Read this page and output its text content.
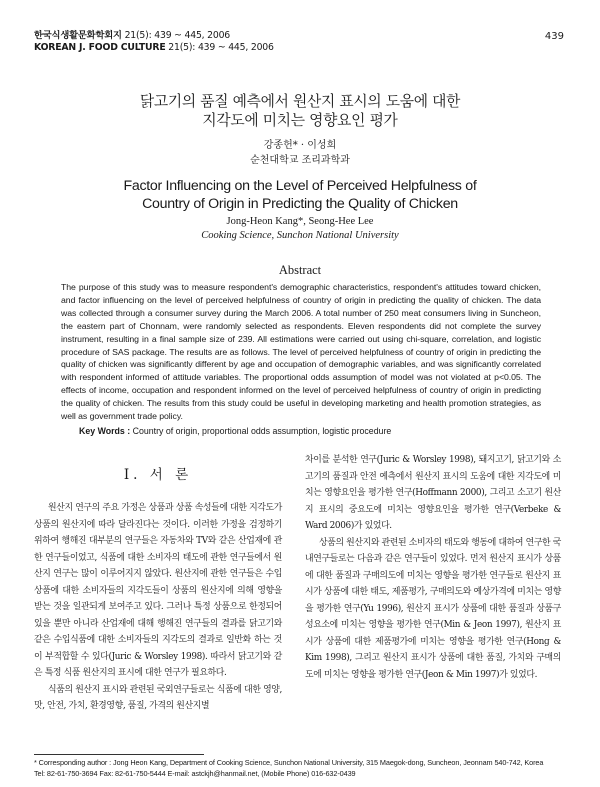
한국식생활문화학회지 21(5): 439 ~ 445, 2006
KOREAN J. FOOD CULTURE 21(5): 439 ~ 445, 2006
439
닭고기의 품질 예측에서 원산지 표시의 도움에 대한
지각도에 미치는 영향요인 평가
강종헌* · 이성희
순천대학교 조리과학과
Factor Influencing on the Level of Perceived Helpfulness of
Country of Origin in Predicting the Quality of Chicken
Jong-Heon Kang*, Seong-Hee Lee
Cooking Science, Sunchon National University
Abstract
The purpose of this study was to measure respondent's demographic characteristics, respondent's attitudes toward chicken, and factor influencing on the level of perceived helpfulness of country of origin in predicting the quality of chicken. The data was collected through a consumer survey during the March 2006. A total number of 250 meat consumers living in Suncheon, the eastern part of Chonnam, were randomly selected as respondents. Eleven respondents did not complete the survey instrument, resulting in a final sample size of 239. All estimations were carried out using chi-square, correlation, and logistic procedure of SAS package. The results are as follows. The level of perceived helpfulness of country of origin in predicting the quality of chicken was significantly different by age and occupation of demographic variables, and was significantly correlated with respondent informed of attitude variables. The proportional odds assumption of model was not violated at p<0.05. The effects of income, occupation and respondent informed on the level of perceived helpfulness of country of origin in predicting the quality of chicken. The results from this study could be useful in developing marketing and health promotion strategies, as well as government trade policy.
Key Words : Country of origin, proportional odds assumption, logistic procedure
I. 서 론

원산지 연구의 주요 가정은 상품과 상품 속성들에 대한 지각도가 상품의 원산지에 따라 달라진다는 것이다. 이러한 가정을 검정하기 위하여 행해진 대부분의 연구들은 자동차와 TV와 같은 산업재에 관한 연구들이었고, 식품에 대한 소비자의 태도에 관한 연구들에서 원산지 연구는 많이 이루어지지 않았다. 원산지에 관한 연구들은 수입상품에 대한 소비자들의 지각도들이 상품의 원산지에 의해 영향을 받는 것을 일관되게 보여주고 있다. 그러나 특정 상품으로 한정되어 있을 뿐만 아니라 산업재에 대해 행해진 연구들의 결과를 닭고기와 같은 수입식품에 대한 소비자들의 지각도의 결과로 일반화 하는 것이 부적합할 수 있다(Juric & Worsley 1998). 따라서 닭고기와 같은 특정 식품 원산지의 표시에 대한 연구가 필요하다.

식품의 원산지 표시와 관련된 국외연구들로는 식품에 대한 영양, 맛, 안전, 가치, 환경영향, 품질, 가격의 원산지별

차이를 분석한 연구(Juric & Worsley 1998), 돼지고기, 닭고기와 소고기의 품질과 안전 예측에서 원산지 표시의 도움에 대한 지각도에 미치는 영향요인을 평가한 연구(Hoffmann 2000), 그리고 소고기 원산지 표시의 중요도에 미치는 영향요인을 평가한 연구(Verbeke & Ward 2006)가 있었다.

상품의 원산지와 관련된 소비자의 태도와 행동에 대하여 연구한 국내연구들로는 다음과 같은 연구들이 있었다. 먼저 원산지 표시가 상품에 대한 품질과 구매의도에 미치는 영향을 평가한 연구들로 원산지 표시가 상품에 대한 태도, 제품평가, 구매의도와 예상가격에 미치는 영향을 평가한 연구(Yu 1996), 원산지 표시가 상품에 대한 품질과 상품구성요소에 미치는 영향을 평가한 연구(Min & Jeon 1997), 원산지 표시가 상품에 대한 제품평가에 미치는 영향을 평가한 연구(Hong & Kim 1998), 그리고 원산지 표시가 상품에 대한 품질, 가치와 구매의도에 미치는 영향을 평가한 연구(Jeon & Min 1997)가 있었다.

* Corresponding author : Jong Heon Kang, Department of Cooking Science, Sunchon National University, 315 Maegok-dong, Suncheon, Jeonnam 540-742, Korea
Tel: 82-61-750-3694 Fax: 82-61-750-5444 E-mail: astckjh@hanmail.net, (Mobile Phone) 016-632-0439
